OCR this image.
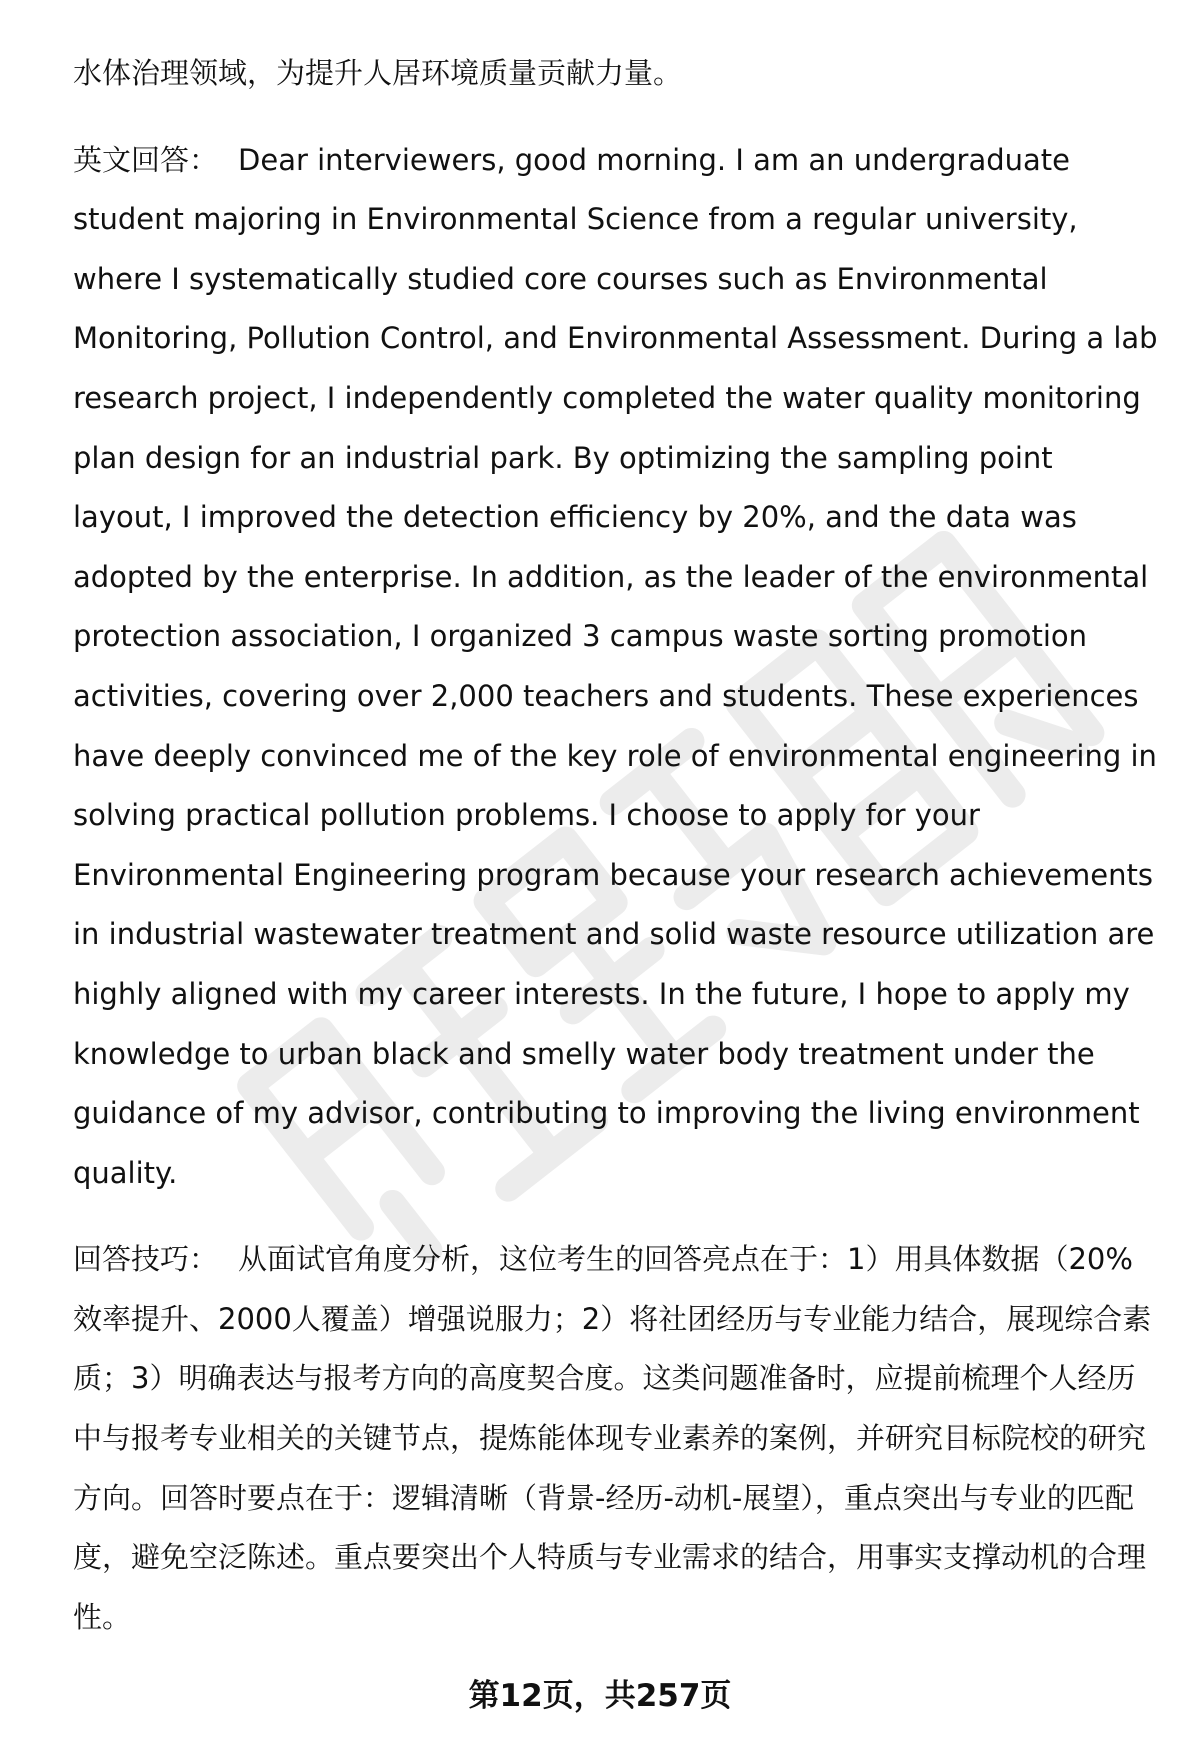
水体治理领域，为提升人居环境质量贡献力量。

英文回答： Dear interviewers, good morning. I am an undergraduate student majoring in Environmental Science from a regular university, where I systematically studied core courses such as Environmental Monitoring, Pollution Control, and Environmental Assessment. During a lab research project, I independently completed the water quality monitoring plan design for an industrial park. By optimizing the sampling point layout, I improved the detection efficiency by 20%, and the data was adopted by the enterprise. In addition, as the leader of the environmental protection association, I organized 3 campus waste sorting promotion activities, covering over 2,000 teachers and students. These experiences have deeply convinced me of the key role of environmental engineering in solving practical pollution problems. I choose to apply for your Environmental Engineering program because your research achievements in industrial wastewater treatment and solid waste resource utilization are highly aligned with my career interests. In the future, I hope to apply my knowledge to urban black and smelly water body treatment under the guidance of my advisor, contributing to improving the living environment quality.

回答技巧： 从面试官角度分析，这位考生的回答亮点在于：1）用具体数据（20%效率提升、2000人覆盖）增强说服力；2）将社团经历与专业能力结合，展现综合素质；3）明确表达与报考方向的高度契合度。这类问题准备时，应提前梳理个人经历中与报考专业相关的关键节点，提炼能体现专业素养的案例，并研究目标院校的研究方向。回答时要点在于：逻辑清晰（背景-经历-动机-展望），重点突出与专业的匹配度，避免空泛陈述。重点要突出个人特质与专业需求的结合，用事实支撑动机的合理性。

第12页，共257页
